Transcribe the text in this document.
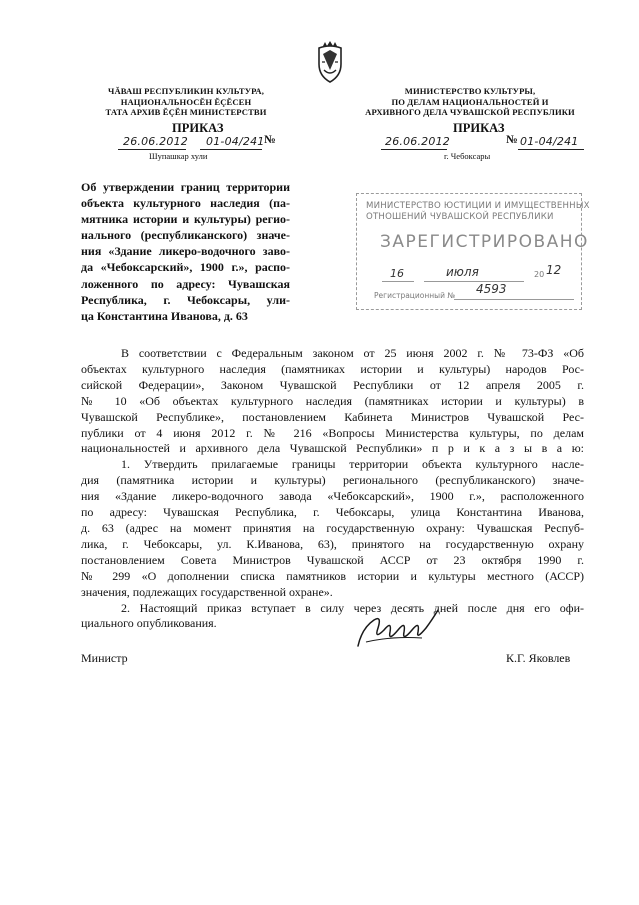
ЧĂВАШ РЕСПУБЛИКИН КУЛЬТУРА,
НАЦИОНАЛЬНОСĔН ĔÇĔСЕН
ТАТА АРХИВ ĔÇĔН МИНИСТЕРСТВИ
МИНИСТЕРСТВО КУЛЬТУРЫ,
ПО ДЕЛАМ НАЦИОНАЛЬНОСТЕЙ И
АРХИВНОГО ДЕЛА ЧУВАШСКОЙ РЕСПУБЛИКИ
ПРИКАЗ	ПРИКАЗ
26.06.2012 01-04/241 №
Шупашкар хули
26.06.2012	№ 01-04/241
г. Чебоксары
Об утверждении границ территории
объекта культурного наследия (па-
мятника истории и культуры) регио-
нального (республиканского) значе-
ния «Здание ликеро-водочного заво-
да «Чебоксарский», 1900 г.», распо-
ложенного по адресу: Чувашская
Республика, г. Чебоксары, ули-
ца Константина Иванова, д. 63
МИНИСТЕРСТВО ЮСТИЦИИ И ИМУЩЕСТВЕННЫХ
ОТНОШЕНИЙ ЧУВАШСКОЙ РЕСПУБЛИКИ
ЗАРЕГИСТРИРОВАНО
16	июля	20 12
Регистрационный № 4593
В соответствии с Федеральным законом от 25 июня 2002 г. № 73-ФЗ «Об
объектах культурного наследия (памятниках истории и культуры) народов Рос-
сийской Федерации», Законом Чувашской Республики от 12 апреля 2005 г.
№ 10 «Об объектах культурного наследия (памятниках истории и культуры) в
Чувашской Республике», постановлением Кабинета Министров Чувашской Рес-
публики от 4 июня 2012 г. № 216 «Вопросы Министерства культуры, по делам
национальностей и архивного дела Чувашской Республики» п р и к а з ы в а ю:
1. Утвердить прилагаемые границы территории объекта культурного насле-
дия (памятника истории и культуры) регионального (республиканского) значе-
ния «Здание ликеро-водочного завода «Чебоксарский», 1900 г.», расположенного
по адресу: Чувашская Республика, г. Чебоксары, улица Константина Иванова,
д. 63 (адрес на момент принятия на государственную охрану: Чувашская Респуб-
лика, г. Чебоксары, ул. К.Иванова, 63), принятого на государственную охрану
постановлением Совета Министров Чувашской АССР от 23 октября 1990 г.
№ 299 «О дополнении списка памятников истории и культуры местного (АССР)
значения, подлежащих государственной охране».
2. Настоящий приказ вступает в силу через десять дней после дня его офи-
циального опубликования.
Министр	К.Г. Яковлев
